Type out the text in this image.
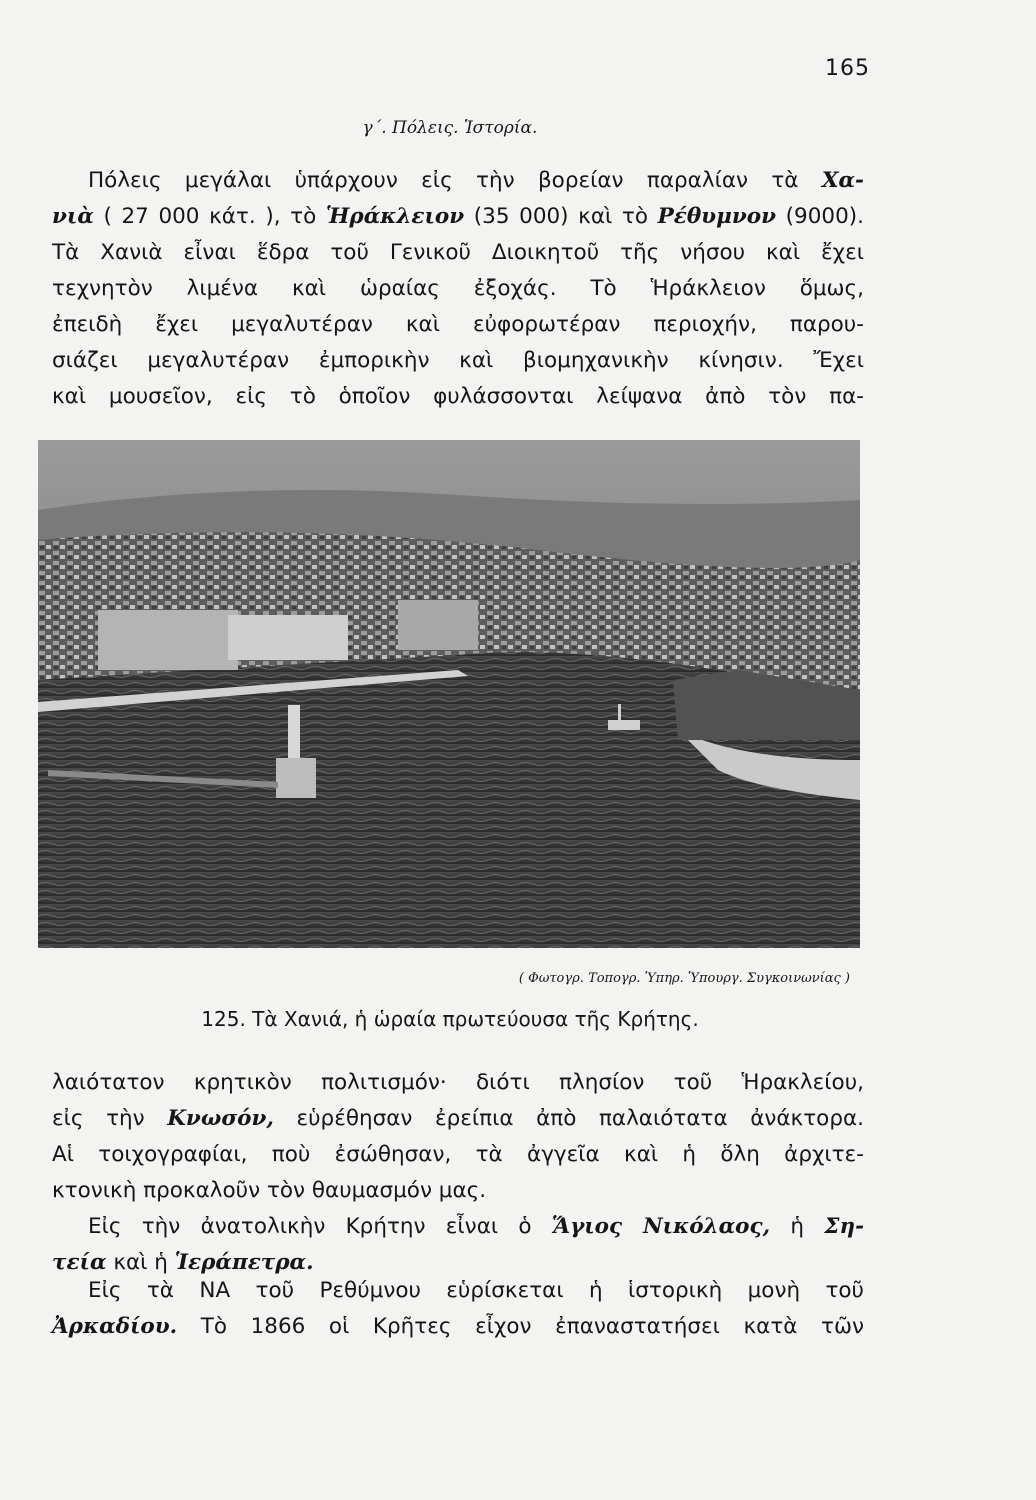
165
γ΄. Πόλεις. Ἱστορία.
Πόλεις μεγάλαι ὑπάρχουν εἰς τὴν βορείαν παραλίαν τὰ Χα-
νιὰ ( 27 000 κάτ. ), τὸ Ἡράκλειον (35 000) καὶ τὸ Ρέθυμνον (9000).
Τὰ Χανιὰ εἶναι ἕδρα τοῦ Γενικοῦ Διοικητοῦ τῆς νήσου καὶ ἔχει
τεχνητὸν λιμένα καὶ ὡραίας ἐξοχάς. Τὸ Ἡράκλειον ὅμως,
ἐπειδὴ ἔχει μεγαλυτέραν καὶ εὐφορωτέραν περιοχήν, παρου-
σιάζει μεγαλυτέραν ἐμπορικὴν καὶ βιομηχανικὴν κίνησιν. Ἔχει
καὶ μουσεῖον, εἰς τὸ ὁποῖον φυλάσσονται λείψανα ἀπὸ τὸν πα-
( Φωτογρ. Τοπογρ. Ὑπηρ. Ὑπουργ. Συγκοινωνίας )
125. Τὰ Χανιά, ἡ ὡραία πρωτεύουσα τῆς Κρήτης.
λαιότατον κρητικὸν πολιτισμόν· διότι πλησίον τοῦ Ἡρακλείου,
εἰς τὴν Κνωσόν, εὑρέθησαν ἐρείπια ἀπὸ παλαιότατα ἀνάκτορα.
Αἱ τοιχογραφίαι, ποὺ ἐσώθησαν, τὰ ἀγγεῖα καὶ ἡ ὅλη ἀρχιτε-
κτονικὴ προκαλοῦν τὸν θαυμασμόν μας.
Εἰς τὴν ἀνατολικὴν Κρήτην εἶναι ὁ Ἅγιος Νικόλαος, ἡ Ση-
τεία καὶ ἡ Ἱεράπετρα.
Εἰς τὰ ΝΑ τοῦ Ρεθύμνου εὑρίσκεται ἡ ἱστορικὴ μονὴ τοῦ
Ἀρκαδίου. Τὸ 1866 οἱ Κρῆτες εἶχον ἐπαναστατήσει κατὰ τῶν
